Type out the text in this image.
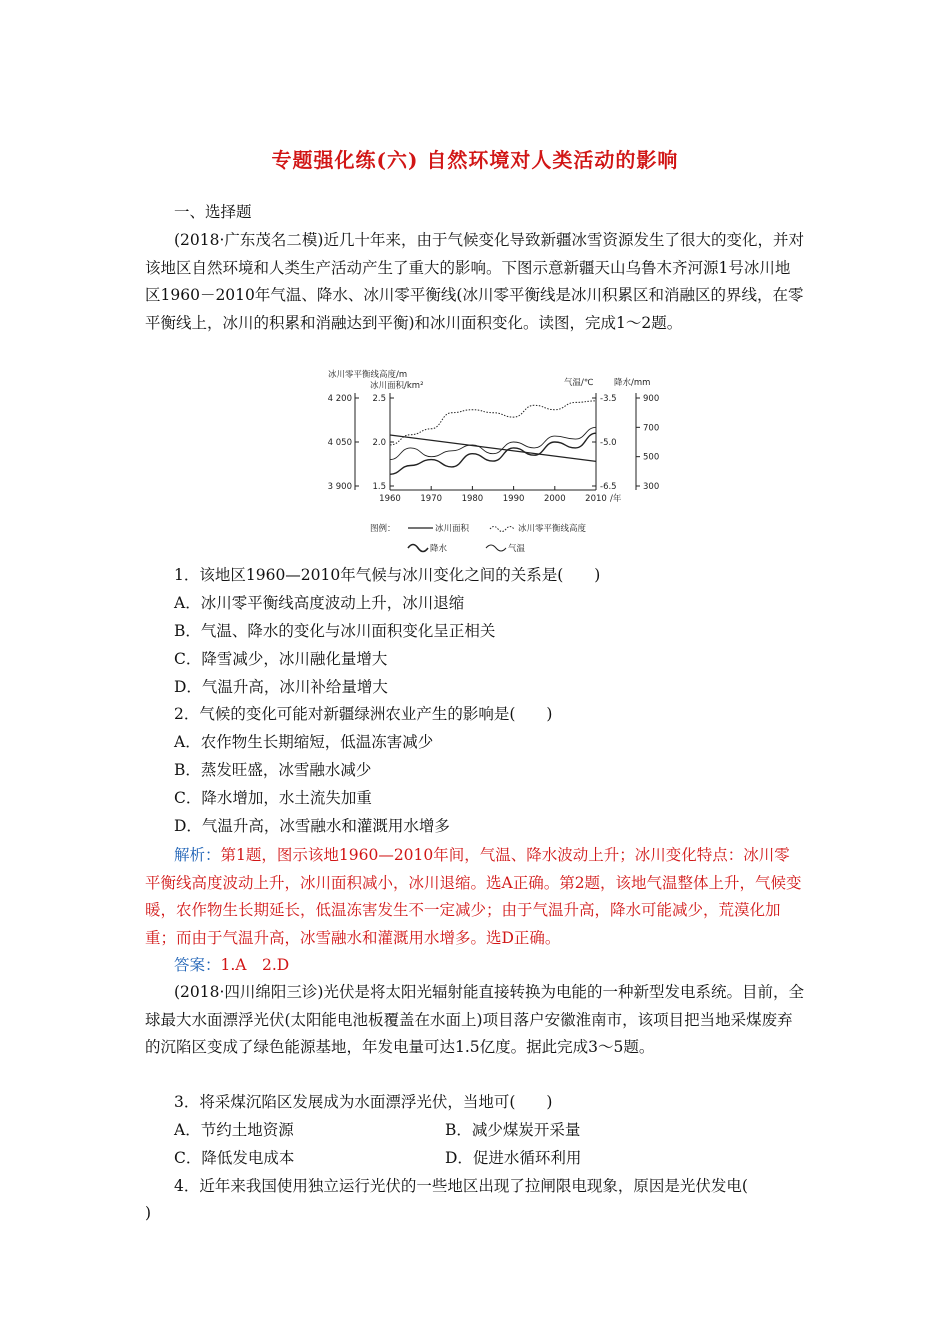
专题强化练(六) 自然环境对人类活动的影响
一、选择题
(2018·广东茂名二模)近几十年来，由于气候变化导致新疆冰雪资源发生了很大的变化，并对该地区自然环境和人类生产活动产生了重大的影响。下图示意新疆天山乌鲁木齐河源1号冰川地区1960－2010年气温、降水、冰川零平衡线(冰川零平衡线是冰川积累区和消融区的界线，在零平衡线上，冰川的积累和消融达到平衡)和冰川面积变化。读图，完成1～2题。
冰川零平衡线高度/m
冰川面积/km²	气温/℃ 降水/mm
1960 1970 1980 1990 2000 2010 /年
4 200
4 050
3 900
2.5
2.0
1.5
-3.5
-5.0
-6.5
900
700
500
300
图例：	冰川面积	冰川零平衡线高度
降水	气温
1．该地区1960—2010年气候与冰川变化之间的关系是(　　)
A．冰川零平衡线高度波动上升，冰川退缩
B．气温、降水的变化与冰川面积变化呈正相关
C．降雪减少，冰川融化量增大
D．气温升高，冰川补给量增大
2．气候的变化可能对新疆绿洲农业产生的影响是(　　)
A．农作物生长期缩短，低温冻害减少
B．蒸发旺盛，冰雪融水减少
C．降水增加，水土流失加重
D．气温升高，冰雪融水和灌溉用水增多
解析：第1题，图示该地1960—2010年间，气温、降水波动上升；冰川变化特点：冰川零平衡线高度波动上升，冰川面积减小，冰川退缩。选A正确。第2题，该地气温整体上升，气候变暖，农作物生长期延长，低温冻害发生不一定减少；由于气温升高，降水可能减少，荒漠化加重；而由于气温升高，冰雪融水和灌溉用水增多。选D正确。
答案：1.A　2.D
(2018·四川绵阳三诊)光伏是将太阳光辐射能直接转换为电能的一种新型发电系统。目前，全球最大水面漂浮光伏(太阳能电池板覆盖在水面上)项目落户安徽淮南市，该项目把当地采煤废弃的沉陷区变成了绿色能源基地，年发电量可达1.5亿度。据此完成3～5题。
3．将采煤沉陷区发展成为水面漂浮光伏，当地可(　　)
A．节约土地资源	B．减少煤炭开采量
C．降低发电成本	D．促进水循环利用
4．近年来我国使用独立运行光伏的一些地区出现了拉闸限电现象，原因是光伏发电(
)
